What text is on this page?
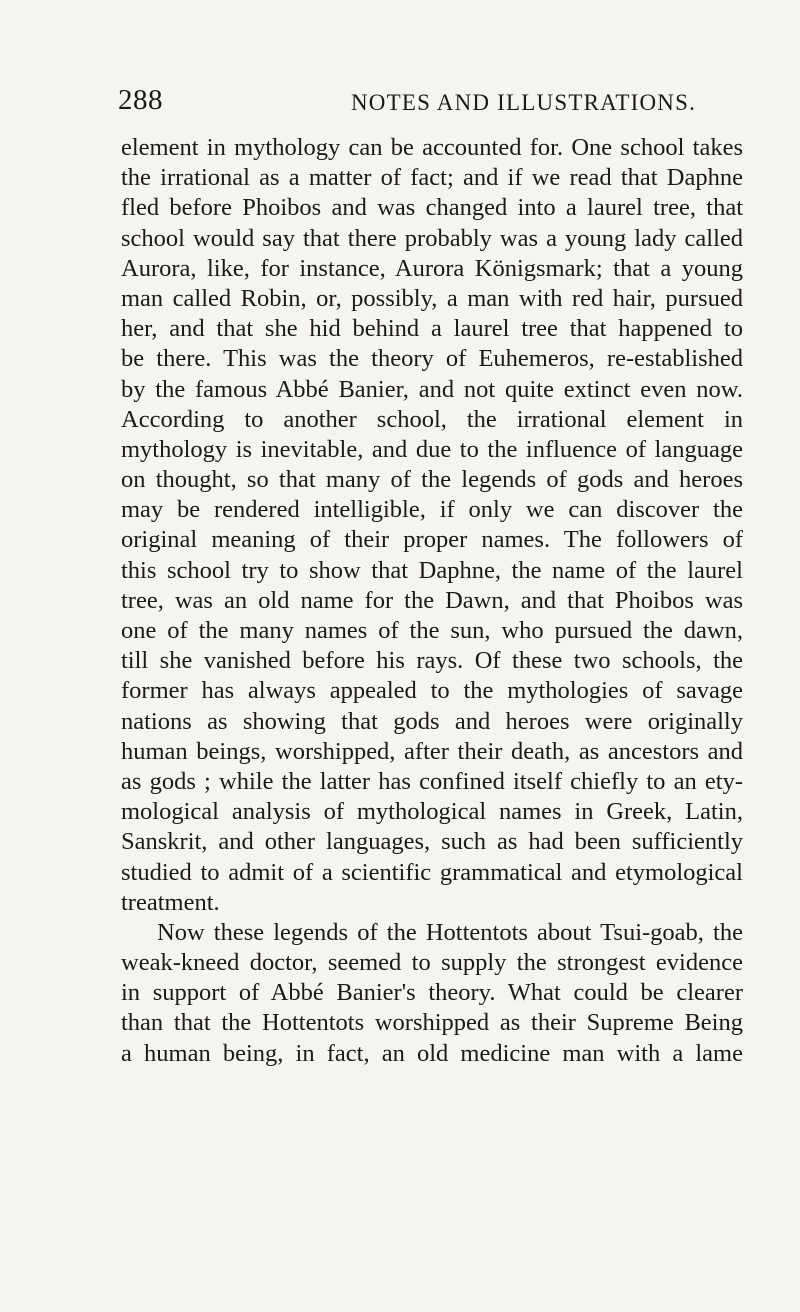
288	NOTES AND ILLUSTRATIONS.
element in mythology can be accounted for. One school takes
the irrational as a matter of fact; and if we read that Daphne
fled before Phoibos and was changed into a laurel tree, that
school would say that there probably was a young lady called
Aurora, like, for instance, Aurora Königsmark; that a young
man called Robin, or, possibly, a man with red hair, pursued
her, and that she hid behind a laurel tree that happened to
be there. This was the theory of Euhemeros, re-established
by the famous Abbé Banier, and not quite extinct even now.
According to another school, the irrational element in
mythology is inevitable, and due to the influence of language
on thought, so that many of the legends of gods and heroes
may be rendered intelligible, if only we can discover the
original meaning of their proper names. The followers of
this school try to show that Daphne, the name of the laurel
tree, was an old name for the Dawn, and that Phoibos was
one of the many names of the sun, who pursued the dawn,
till she vanished before his rays. Of these two schools, the
former has always appealed to the mythologies of savage
nations as showing that gods and heroes were originally
human beings, worshipped, after their death, as ancestors and
as gods ; while the latter has confined itself chiefly to an ety-
mological analysis of mythological names in Greek, Latin,
Sanskrit, and other languages, such as had been sufficiently
studied to admit of a scientific grammatical and etymological
treatment.
Now these legends of the Hottentots about Tsui-goab, the
weak-kneed doctor, seemed to supply the strongest evidence
in support of Abbé Banier's theory. What could be clearer
than that the Hottentots worshipped as their Supreme Being
a human being, in fact, an old medicine man with a lame
